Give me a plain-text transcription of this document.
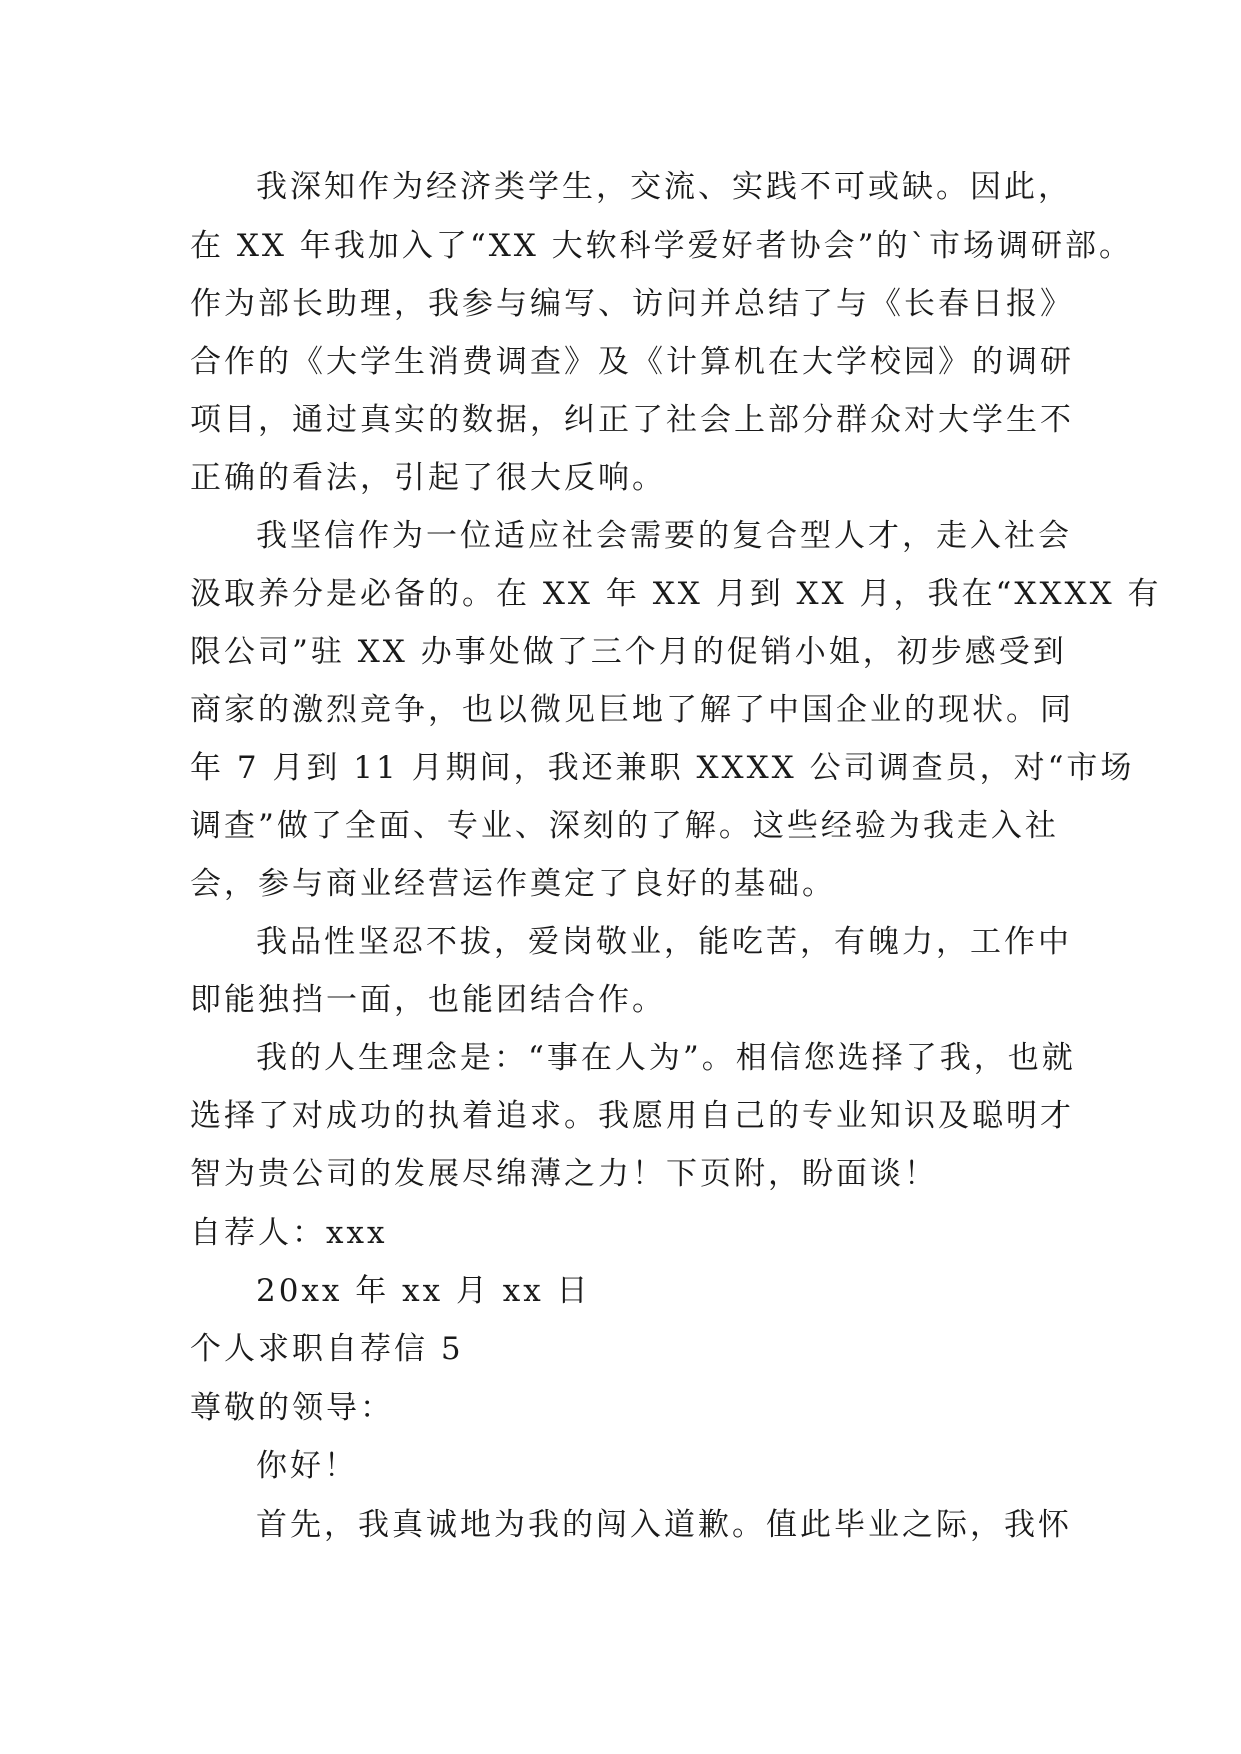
我深知作为经济类学生，交流、实践不可或缺。因此，
在 XX 年我加入了“XX 大软科学爱好者协会”的`市场调研部。
作为部长助理，我参与编写、访问并总结了与《长春日报》
合作的《大学生消费调查》及《计算机在大学校园》的调研
项目，通过真实的数据，纠正了社会上部分群众对大学生不
正确的看法，引起了很大反响。
我坚信作为一位适应社会需要的复合型人才，走入社会
汲取养分是必备的。在 XX 年 XX 月到 XX 月，我在“XXXX 有
限公司”驻 XX 办事处做了三个月的促销小姐，初步感受到
商家的激烈竞争，也以微见巨地了解了中国企业的现状。同
年 7 月到 11 月期间，我还兼职 XXXX 公司调查员，对“市场
调查”做了全面、专业、深刻的了解。这些经验为我走入社
会，参与商业经营运作奠定了良好的基础。
我品性坚忍不拔，爱岗敬业，能吃苦，有魄力，工作中
即能独挡一面，也能团结合作。
我的人生理念是：“事在人为”。相信您选择了我，也就
选择了对成功的执着追求。我愿用自己的专业知识及聪明才
智为贵公司的发展尽绵薄之力！下页附，盼面谈！
自荐人：xxx
20xx 年 xx 月 xx 日
个人求职自荐信 5
尊敬的领导：
你好！
首先，我真诚地为我的闯入道歉。值此毕业之际，我怀
